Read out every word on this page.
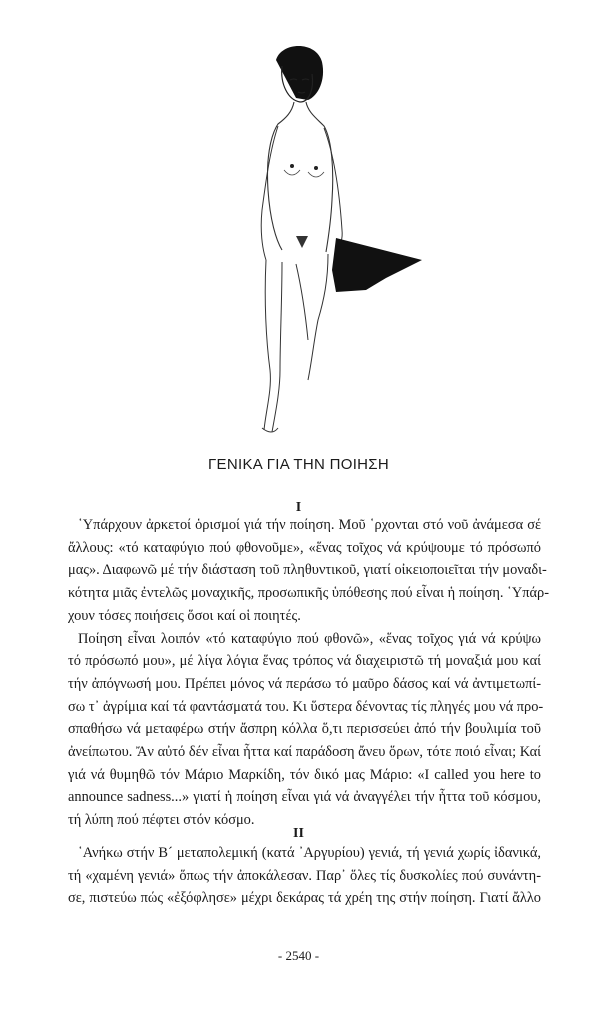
ΓΕΝΙΚΑ ΓΙΑ ΤΗΝ ΠΟΙΗΣΗ
I
῾Υπάρχουν ἀρκετοί ὁρισμοί γιά τήν ποίηση. Μοῦ ῾ρχονται στό νοῦ ἀνάμεσα σέ
ἄλλους: «τό καταφύγιο πού φθονοῦμε», «ἕνας τοῖχος νά κρύψουμε τό πρόσωπό
μας». Διαφωνῶ μέ τήν διάσταση τοῦ πληθυντικοῦ, γιατί οἰκειοποιεῖται τήν μοναδι-
κότητα μιᾶς ἐντελῶς μοναχικῆς, προσωπικῆς ὑπόθεσης πού εἶναι ἡ ποίηση. ῾Υπάρ-
χουν τόσες ποιήσεις ὅσοι καί οἱ ποιητές.
Ποίηση εἶναι λοιπόν «τό καταφύγιο πού φθονῶ», «ἕνας τοῖχος γιά νά κρύψω
τό πρόσωπό μου», μέ λίγα λόγια ἕνας τρόπος νά διαχειριστῶ τή μοναξιά μου καί
τήν ἀπόγνωσή μου. Πρέπει μόνος νά περάσω τό μαῦρο δάσος καί νά ἀντιμετωπί-
σω τ᾽ ἀγρίμια καί τά φαντάσματά του. Κι ὕστερα δένοντας τίς πληγές μου νά προ-
σπαθήσω νά μεταφέρω στήν ἄσπρη κόλλα ὅ,τι περισσεύει ἀπό τήν βουλιμία τοῦ
ἀνείπωτου. Ἄν αὐτό δέν εἶναι ἧττα καί παράδοση ἄνευ ὅρων, τότε ποιό εἶναι; Καί
γιά νά θυμηθῶ τόν Μάριο Μαρκίδη, τόν δικό μας Μάριο: «I called you here to
announce sadness...» γιατί ἡ ποίηση εἶναι γιά νά ἀναγγέλει τήν ἧττα τοῦ κόσμου,
τή λύπη πού πέφτει στόν κόσμο.
II
῾Ανήκω στήν Β´ μεταπολεμική (κατά ᾽Αργυρίου) γενιά, τή γενιά χωρίς ἰδανικά,
τή «χαμένη γενιά» ὅπως τήν ἀποκάλεσαν. Παρ᾽ ὅλες τίς δυσκολίες πού συνάντη-
σε, πιστεύω πώς «ἐξόφλησε» μέχρι δεκάρας τά χρέη της στήν ποίηση. Γιατί ἄλλο
- 2540 -
